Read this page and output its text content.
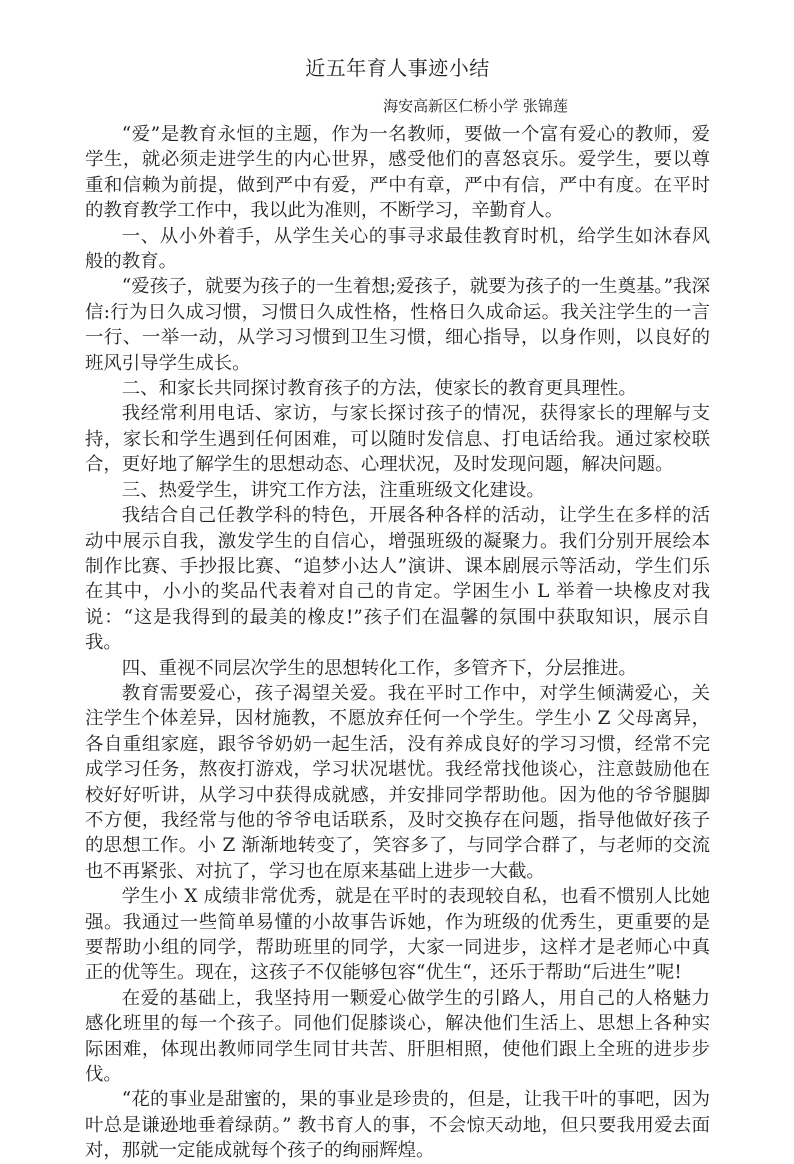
近五年育人事迹小结
海安高新区仁桥小学 张锦莲

“爱”是教育永恒的主题，作为一名教师，要做一个富有爱心的教师，爱学生，就必须走进学生的内心世界，感受他们的喜怒哀乐。爱学生，要以尊重和信赖为前提，做到严中有爱，严中有章，严中有信，严中有度。在平时的教育教学工作中，我以此为准则，不断学习，辛勤育人。

一、从小外着手，从学生关心的事寻求最佳教育时机，给学生如沐春风般的教育。

“爱孩子，就要为孩子的一生着想;爱孩子，就要为孩子的一生奠基。”我深信:行为日久成习惯，习惯日久成性格，性格日久成命运。我关注学生的一言一行、一举一动，从学习习惯到卫生习惯，细心指导，以身作则，以良好的班风引导学生成长。

二、和家长共同探讨教育孩子的方法，使家长的教育更具理性。

我经常利用电话、家访，与家长探讨孩子的情况，获得家长的理解与支持，家长和学生遇到任何困难，可以随时发信息、打电话给我。通过家校联合，更好地了解学生的思想动态、心理状况，及时发现问题，解决问题。

三、热爱学生，讲究工作方法，注重班级文化建设。

我结合自己任教学科的特色，开展各种各样的活动，让学生在多样的活动中展示自我，激发学生的自信心，增强班级的凝聚力。我们分别开展绘本制作比赛、手抄报比赛、“追梦小达人”演讲、课本剧展示等活动，学生们乐在其中，小小的奖品代表着对自己的肯定。学困生小 L 举着一块橡皮对我说：“这是我得到的最美的橡皮!”孩子们在温馨的氛围中获取知识，展示自我。

四、重视不同层次学生的思想转化工作，多管齐下，分层推进。

教育需要爱心，孩子渴望关爱。我在平时工作中，对学生倾满爱心，关注学生个体差异，因材施教，不愿放弃任何一个学生。学生小 Z 父母离异，各自重组家庭，跟爷爷奶奶一起生活，没有养成良好的学习习惯，经常不完成学习任务，熬夜打游戏，学习状况堪忧。我经常找他谈心，注意鼓励他在校好好听讲，从学习中获得成就感，并安排同学帮助他。因为他的爷爷腿脚不方便，我经常与他的爷爷电话联系，及时交换存在问题，指导他做好孩子的思想工作。小 Z 渐渐地转变了，笑容多了，与同学合群了，与老师的交流也不再紧张、对抗了，学习也在原来基础上进步一大截。

学生小 X 成绩非常优秀，就是在平时的表现较自私，也看不惯别人比她强。我通过一些简单易懂的小故事告诉她，作为班级的优秀生，更重要的是要帮助小组的同学，帮助班里的同学，大家一同进步，这样才是老师心中真正的优等生。现在，这孩子不仅能够包容“优生“，还乐于帮助“后进生”呢!

在爱的基础上，我坚持用一颗爱心做学生的引路人，用自己的人格魅力感化班里的每一个孩子。同他们促膝谈心，解决他们生活上、思想上各种实际困难，体现出教师同学生同甘共苦、肝胆相照，使他们跟上全班的进步步伐。

“花的事业是甜蜜的，果的事业是珍贵的，但是，让我干叶的事吧，因为叶总是谦逊地垂着绿荫。” 教书育人的事，不会惊天动地，但只要我用爱去面对，那就一定能成就每个孩子的绚丽辉煌。
